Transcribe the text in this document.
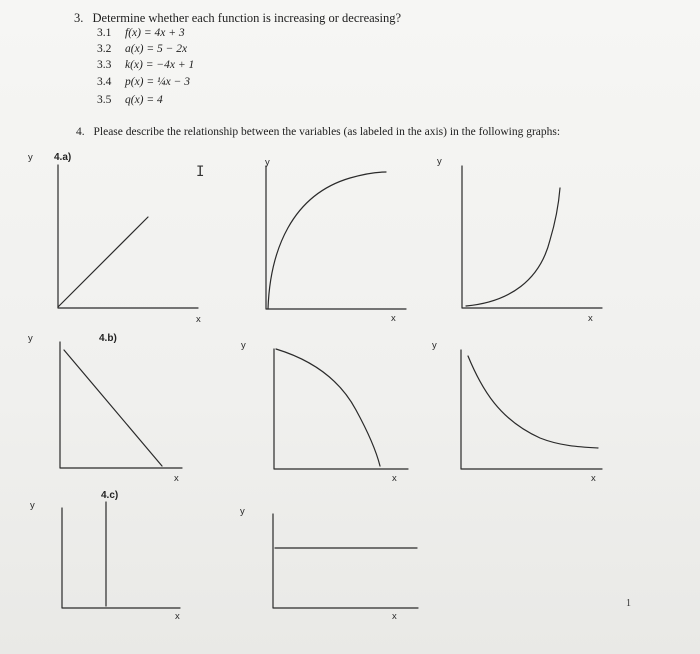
3. Determine whether each function is increasing or decreasing?
3.1 f(x) = 4x + 3
3.2 a(x) = 5 − 2x
3.3 k(x) = −4x + 1
3.4 p(x) = ¼x − 3
3.5 q(x) = 4
4. Please describe the relationship between the variables (as labeled in the axis) in the following graphs:
4.a)
4.b)
4.c)
y	y	y
y
y	y
y
y
x	x	x
x	x	x
x	x
I
1
